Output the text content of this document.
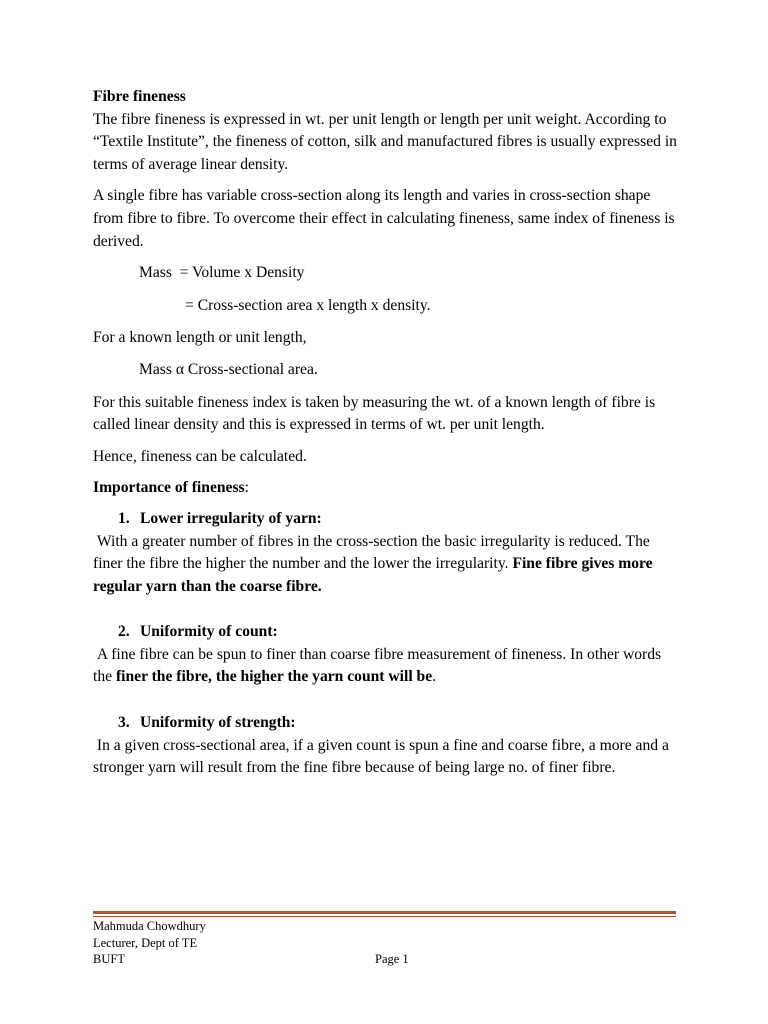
Fibre fineness

The fibre fineness is expressed in wt. per unit length or length per unit weight. According to “Textile Institute”, the fineness of cotton, silk and manufactured fibres is usually expressed in terms of average linear density.

A single fibre has variable cross-section along its length and varies in cross-section shape from fibre to fibre. To overcome their effect in calculating fineness, same index of fineness is derived.

Mass  = Volume x Density

= Cross-section area x length x density.

For a known length or unit length,

Mass α Cross-sectional area.

For this suitable fineness index is taken by measuring the wt. of a known length of fibre is called linear density and this is expressed in terms of wt. per unit length.

Hence, fineness can be calculated.

Importance of fineness:

1. Lower irregularity of yarn:

With a greater number of fibres in the cross-section the basic irregularity is reduced. The finer the fibre the higher the number and the lower the irregularity. Fine fibre gives more regular yarn than the coarse fibre.

2. Uniformity of count:

A fine fibre can be spun to finer than coarse fibre measurement of fineness. In other words the finer the fibre, the higher the yarn count will be.

3. Uniformity of strength:

In a given cross-sectional area, if a given count is spun a fine and coarse fibre, a more and a stronger yarn will result from the fine fibre because of being large no. of finer fibre.

Mahmuda Chowdhury
Lecturer, Dept of TE
BUFT	Page 1
